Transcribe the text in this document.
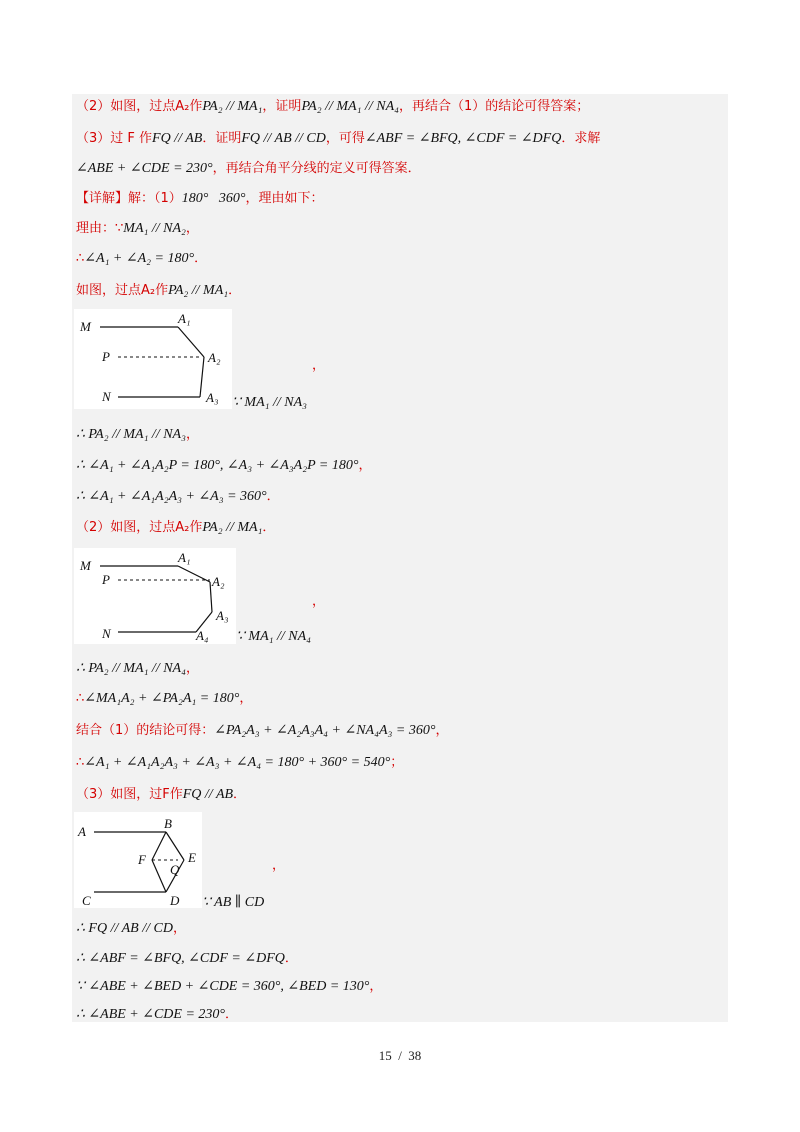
（2）如图，过点A₂作PA₂ // MA₁，证明PA₂ // MA₁ // NA₄，再结合（1）的结论可得答案；
（3）过 F 作FQ // AB．证明FQ // AB // CD，可得∠ABF = ∠BFQ, ∠CDF = ∠DFQ．求解
∠ABE + ∠CDE = 230°，再结合角平分线的定义可得答案．
【详解】解：（1）180°   360°，理由如下：
理由：∵MA₁ // NA₂，
∴∠A₁ + ∠A₂ = 180°．
如图，过点A₂作PA₂ // MA₁．
M
A₁
P	A₂
N	A₃
，
∵ MA₁ // NA₃
∴ PA₂ // MA₁ // NA₃，
∴ ∠A₁ + ∠A₁A₂P = 180°, ∠A₃ + ∠A₃A₂P = 180°，
∴ ∠A₁ + ∠A₁A₂A₃ + ∠A₃ = 360°．
（2）如图，过点A₂作PA₂ // MA₁．
M
A₁
P	A₂
A₃
N	A₄
，
∵ MA₁ // NA₄
∴ PA₂ // MA₁ // NA₄，
∴∠MA₁A₂ + ∠PA₂A₁ = 180°，
结合（1）的结论可得：∠PA₂A₃ + ∠A₂A₃A₄ + ∠NA₄A₃ = 360°，
∴∠A₁ + ∠A₁A₂A₃ + ∠A₃ + ∠A₄ = 180° + 360° = 540°；
（3）如图，过F作FQ // AB．
A
B
F
Q
E
C	D
，
∵ AB ∥ CD
∴ FQ // AB // CD，
∴ ∠ABF = ∠BFQ, ∠CDF = ∠DFQ．
∵ ∠ABE + ∠BED + ∠CDE = 360°, ∠BED = 130°，
∴ ∠ABE + ∠CDE = 230°．
15  /  38
